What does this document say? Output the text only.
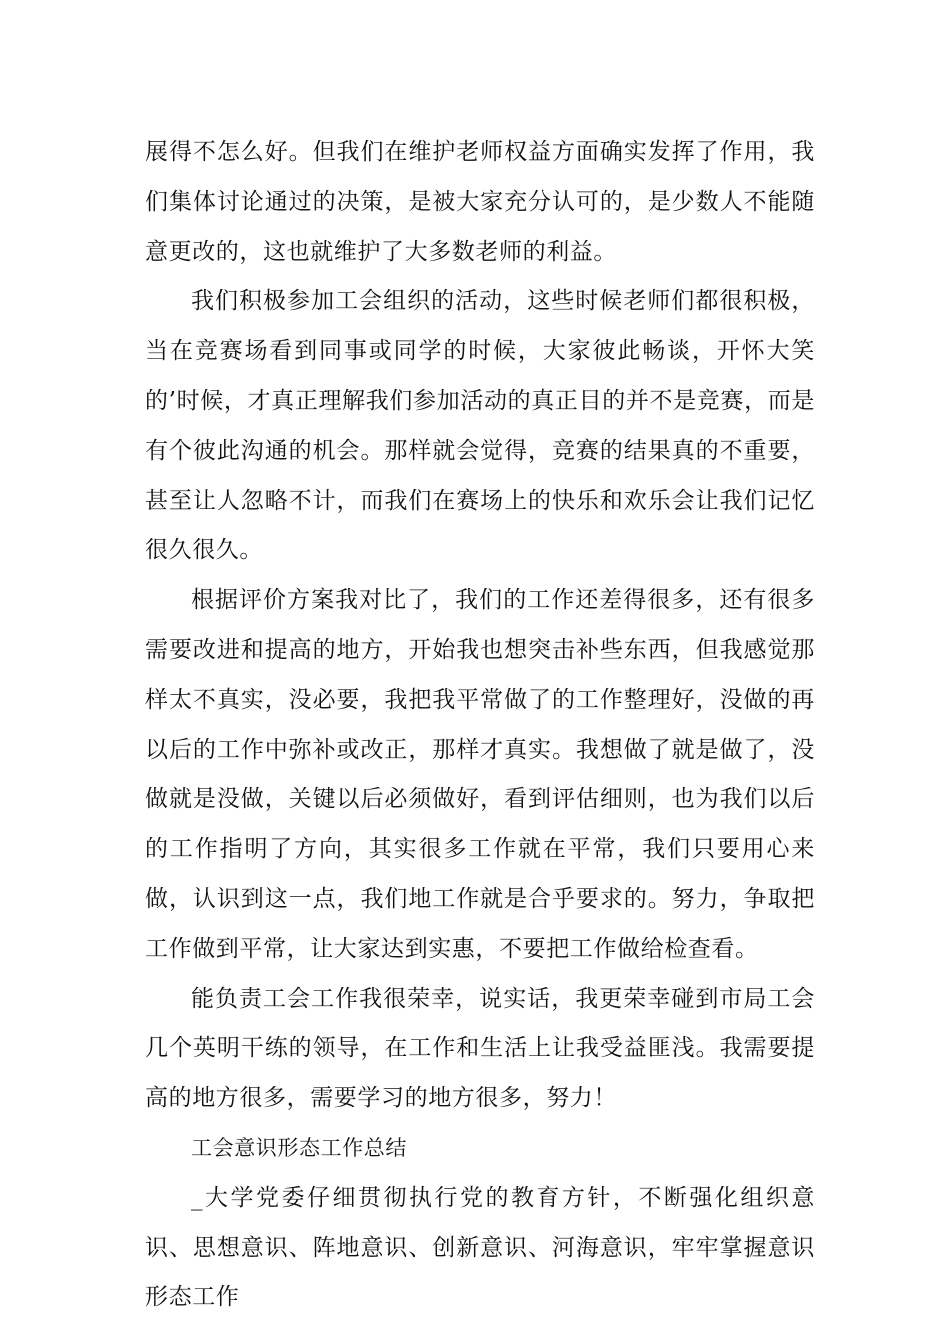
展得不怎么好。但我们在维护老师权益方面确实发挥了作用，我们集体讨论通过的决策，是被大家充分认可的，是少数人不能随意更改的，这也就维护了大多数老师的利益。

我们积极参加工会组织的活动，这些时候老师们都很积极，当在竞赛场看到同事或同学的时候，大家彼此畅谈，开怀大笑的’时候，才真正理解我们参加活动的真正目的并不是竞赛，而是有个彼此沟通的机会。那样就会觉得，竞赛的结果真的不重要，甚至让人忽略不计，而我们在赛场上的快乐和欢乐会让我们记忆很久很久。

根据评价方案我对比了，我们的工作还差得很多，还有很多需要改进和提高的地方，开始我也想突击补些东西，但我感觉那样太不真实，没必要，我把我平常做了的工作整理好，没做的再以后的工作中弥补或改正，那样才真实。我想做了就是做了，没做就是没做，关键以后必须做好，看到评估细则，也为我们以后的工作指明了方向，其实很多工作就在平常，我们只要用心来做，认识到这一点，我们地工作就是合乎要求的。努力，争取把工作做到平常，让大家达到实惠，不要把工作做给检查看。

能负责工会工作我很荣幸，说实话，我更荣幸碰到市局工会几个英明干练的领导，在工作和生活上让我受益匪浅。我需要提高的地方很多，需要学习的地方很多，努力！

工会意识形态工作总结

_大学党委仔细贯彻执行党的教育方针，不断强化组织意识、思想意识、阵地意识、创新意识、河海意识，牢牢掌握意识形态工作
